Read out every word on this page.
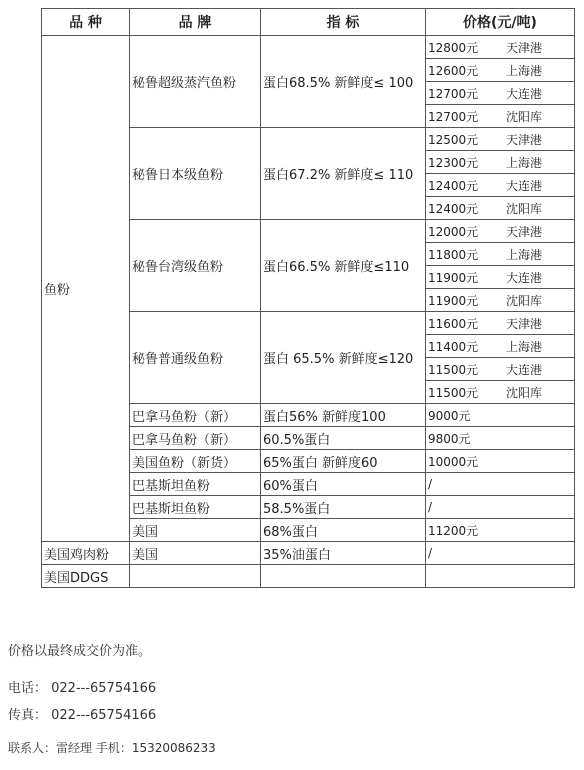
品 种	品 牌	指 标	价格(元/吨)
鱼粉	秘鲁超级蒸汽鱼粉	蛋白68.5% 新鲜度≤ 100	12800元 天津港
			12600元 上海港
			12700元 大连港
			12700元 沈阳库
	秘鲁日本级鱼粉	蛋白67.2% 新鲜度≤ 110	12500元 天津港
			12300元 上海港
			12400元 大连港
			12400元 沈阳库
	秘鲁台湾级鱼粉	蛋白66.5% 新鲜度≤110	12000元 天津港
			11800元 上海港
			11900元 大连港
			11900元 沈阳库
	秘鲁普通级鱼粉	蛋白 65.5% 新鲜度≤120	11600元 天津港
			11400元 上海港
			11500元 大连港
			11500元 沈阳库
	巴拿马鱼粉（新）	蛋白56% 新鲜度100	9000元
	巴拿马鱼粉（新）	60.5%蛋白	9800元
	美国鱼粉（新货）	65%蛋白 新鲜度60	10000元
	巴基斯坦鱼粉	60%蛋白	/
	巴基斯坦鱼粉	58.5%蛋白	/
	美国	68%蛋白	11200元
美国鸡肉粉	美国	35%油蛋白	/
美国DDGS			
价格以最终成交价为准。
电话： 022---65754166
传真： 022---65754166
联系人：雷经理 手机：15320086233
